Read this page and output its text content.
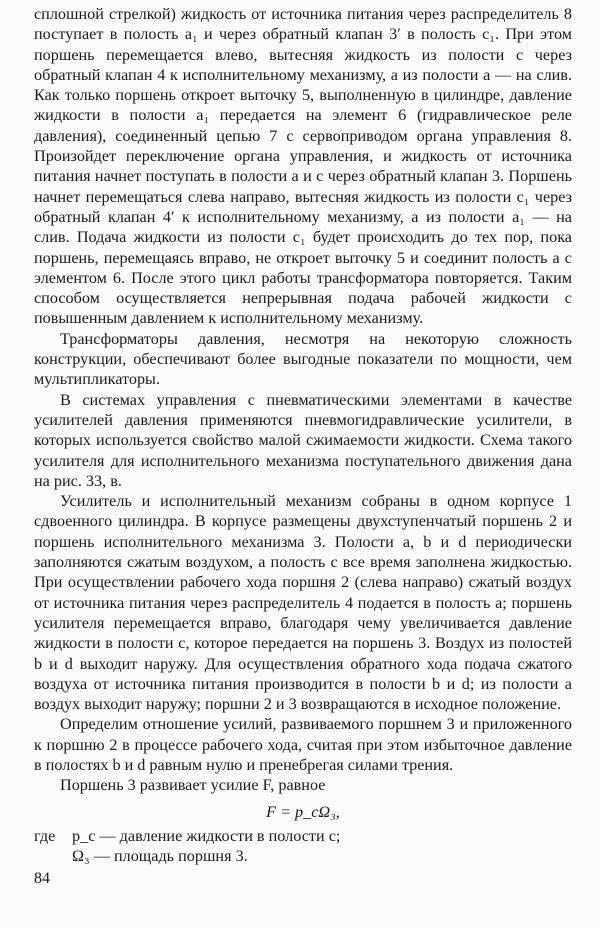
сплошной стрелкой) жидкость от источника питания через распределитель 8 поступает в полость a₁ и через обратный клапан 3′ в полость c₁. При этом поршень перемещается влево, вытесняя жидкость из полости c через обратный клапан 4 к исполнительному механизму, а из полости a — на слив. Как только поршень откроет выточку 5, выполненную в цилиндре, давление жидкости в полости a₁ передается на элемент 6 (гидравлическое реле давления), соединенный цепью 7 с сервоприводом органа управления 8. Произойдет переключение органа управления, и жидкость от источника питания начнет поступать в полости a и c через обратный клапан 3. Поршень начнет перемещаться слева направо, вытесняя жидкость из полости c₁ через обратный клапан 4′ к исполнительному механизму, а из полости a₁ — на слив. Подача жидкости из полости c₁ будет происходить до тех пор, пока поршень, перемещаясь вправо, не откроет выточку 5 и соединит полость a с элементом 6. После этого цикл работы трансформатора повторяется. Таким способом осуществляется непрерывная подача рабочей жидкости с повышенным давлением к исполнительному механизму.

Трансформаторы давления, несмотря на некоторую сложность конструкции, обеспечивают более выгодные показатели по мощности, чем мультипликаторы.

В системах управления с пневматическими элементами в качестве усилителей давления применяются пневмогидравлические усилители, в которых используется свойство малой сжимаемости жидкости. Схема такого усилителя для исполнительного механизма поступательного движения дана на рис. 33, в.

Усилитель и исполнительный механизм собраны в одном корпусе 1 сдвоенного цилиндра. В корпусе размещены двухступенчатый поршень 2 и поршень исполнительного механизма 3. Полости a, b и d периодически заполняются сжатым воздухом, а полость c все время заполнена жидкостью. При осуществлении рабочего хода поршня 2 (слева направо) сжатый воздух от источника питания через распределитель 4 подается в полость a; поршень усилителя перемещается вправо, благодаря чему увеличивается давление жидкости в полости c, которое передается на поршень 3. Воздух из полостей b и d выходит наружу. Для осуществления обратного хода подача сжатого воздуха от источника питания производится в полости b и d; из полости a воздух выходит наружу; поршни 2 и 3 возвращаются в исходное положение.

Определим отношение усилий, развиваемого поршнем 3 и приложенного к поршню 2 в процессе рабочего хода, считая при этом избыточное давление в полостях b и d равным нулю и пренебрегая силами трения.

Поршень 3 развивает усилие F, равное

F = p_cΩ₃,
где	p_c — давление жидкости в полости c;
Ω₃ — площадь поршня 3.
84
